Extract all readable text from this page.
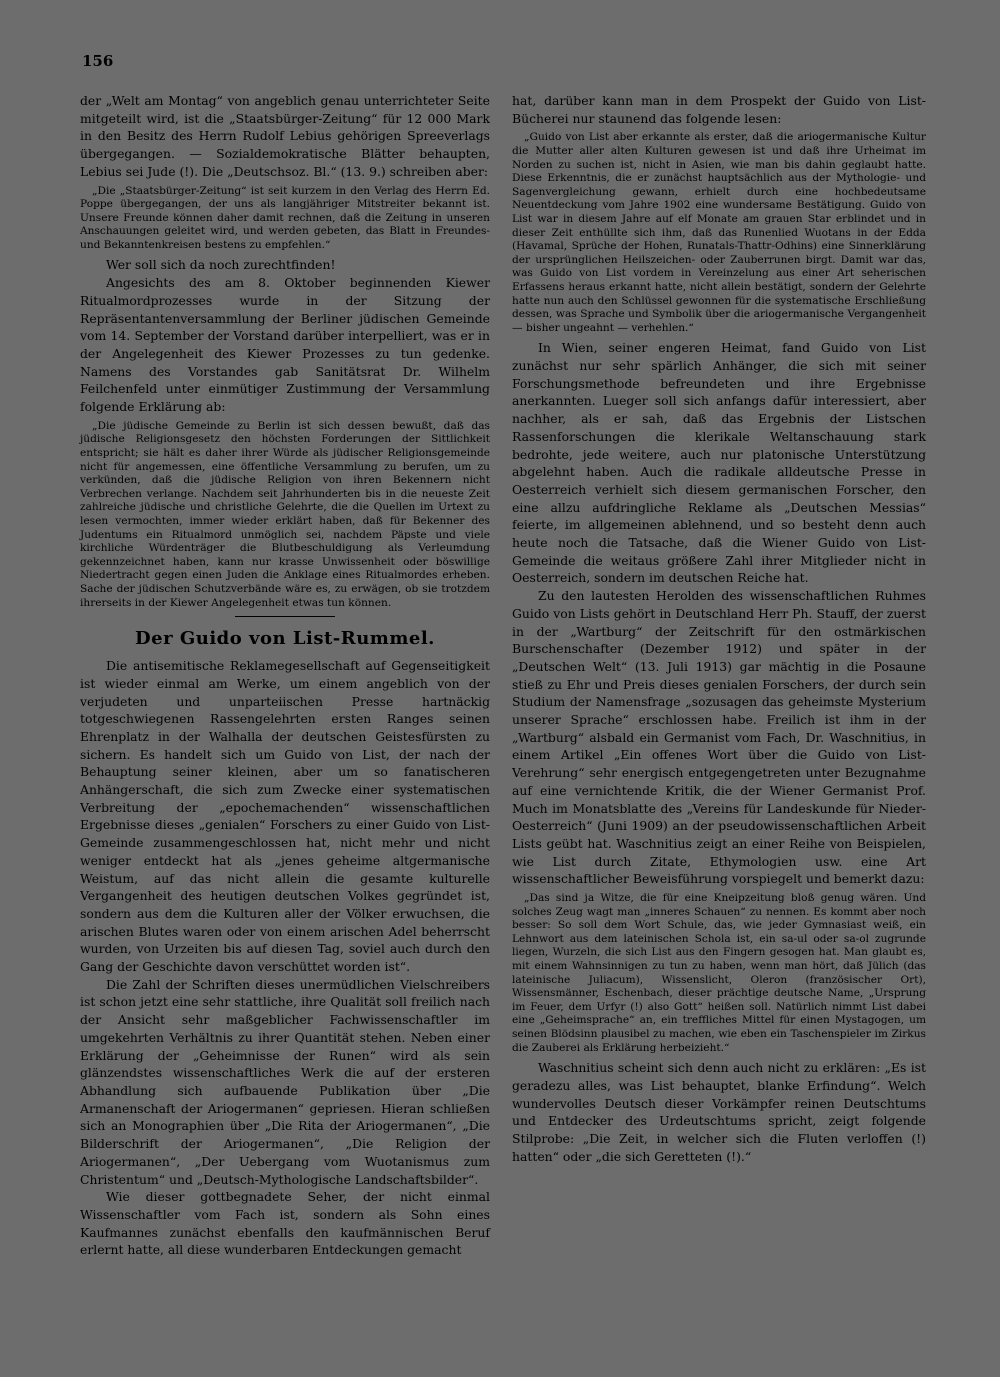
156

der „Welt am Montag“ von angeblich genau unterrichteter Seite mitgeteilt wird, ist die „Staatsbürger-Zeitung“ für 12 000 Mark in den Besitz des Herrn Rudolf Lebius gehörigen Spreeverlags übergegangen. — Sozialdemokratische Blätter behaupten, Lebius sei Jude (!). Die „Deutschsoz. Bl.“ (13. 9.) schreiben aber:

„Die „Staatsbürger-Zeitung“ ist seit kurzem in den Verlag des Herrn Ed. Poppe übergegangen, der uns als langjähriger Mitstreiter bekannt ist. Unsere Freunde können daher damit rechnen, daß die Zeitung in unseren Anschauungen geleitet wird, und werden gebeten, das Blatt in Freundes- und Bekanntenkreisen bestens zu empfehlen.“

Wer soll sich da noch zurechtfinden!

Angesichts des am 8. Oktober beginnenden Kiewer Ritualmordprozesses wurde in der Sitzung der Repräsentantenversammlung der Berliner jüdischen Gemeinde vom 14. September der Vorstand darüber interpelliert, was er in der Angelegenheit des Kiewer Prozesses zu tun gedenke. Namens des Vorstandes gab Sanitätsrat Dr. Wilhelm Feilchenfeld unter einmütiger Zustimmung der Versammlung folgende Erklärung ab:

„Die jüdische Gemeinde zu Berlin ist sich dessen bewußt, daß das jüdische Religionsgesetz den höchsten Forderungen der Sittlichkeit entspricht; sie hält es daher ihrer Würde als jüdischer Religionsgemeinde nicht für angemessen, eine öffentliche Versammlung zu berufen, um zu verkünden, daß die jüdische Religion von ihren Bekennern nicht Verbrechen verlange. Nachdem seit Jahrhunderten bis in die neueste Zeit zahlreiche jüdische und christliche Gelehrte, die die Quellen im Urtext zu lesen vermochten, immer wieder erklärt haben, daß für Bekenner des Judentums ein Ritualmord unmöglich sei, nachdem Päpste und viele kirchliche Würdenträger die Blutbeschuldigung als Verleumdung gekennzeichnet haben, kann nur krasse Unwissenheit oder böswillige Niedertracht gegen einen Juden die Anklage eines Ritualmordes erheben. Sache der jüdischen Schutzverbände wäre es, zu erwägen, ob sie trotzdem ihrerseits in der Kiewer Angelegenheit etwas tun können.

Der Guido von List-Rummel.

Die antisemitische Reklamegesellschaft auf Gegenseitigkeit ist wieder einmal am Werke, um einem angeblich von der verjudeten und unparteiischen Presse hartnäckig totgeschwiegenen Rassengelehrten ersten Ranges seinen Ehrenplatz in der Walhalla der deutschen Geistesfürsten zu sichern. Es handelt sich um Guido von List, der nach der Behauptung seiner kleinen, aber um so fanatischeren Anhängerschaft, die sich zum Zwecke einer systematischen Verbreitung der „epochemachenden“ wissenschaftlichen Ergebnisse dieses „genialen“ Forschers zu einer Guido von List-Gemeinde zusammengeschlossen hat, nicht mehr und nicht weniger entdeckt hat als „jenes geheime altgermanische Weistum, auf das nicht allein die gesamte kulturelle Vergangenheit des heutigen deutschen Volkes gegründet ist, sondern aus dem die Kulturen aller der Völker erwuchsen, die arischen Blutes waren oder von einem arischen Adel beherrscht wurden, von Urzeiten bis auf diesen Tag, soviel auch durch den Gang der Geschichte davon verschüttet worden ist“.

Die Zahl der Schriften dieses unermüdlichen Vielschreibers ist schon jetzt eine sehr stattliche, ihre Qualität soll freilich nach der Ansicht sehr maßgeblicher Fachwissenschaftler im umgekehrten Verhältnis zu ihrer Quantität stehen. Neben einer Erklärung der „Geheimnisse der Runen“ wird als sein glänzendstes wissenschaftliches Werk die auf der ersteren Abhandlung sich aufbauende Publikation über „Die Armanenschaft der Ariogermanen“ gepriesen. Hieran schließen sich an Monographien über „Die Rita der Ariogermanen“, „Die Bilderschrift der Ariogermanen“, „Die Religion der Ariogermanen“, „Der Uebergang vom Wuotanismus zum Christentum“ und „Deutsch-Mythologische Landschaftsbilder“.

Wie dieser gottbegnadete Seher, der nicht einmal Wissenschaftler vom Fach ist, sondern als Sohn eines Kaufmannes zunächst ebenfalls den kaufmännischen Beruf erlernt hatte, all diese wunderbaren Entdeckungen gemacht

hat, darüber kann man in dem Prospekt der Guido von List-Bücherei nur staunend das folgende lesen:

„Guido von List aber erkannte als erster, daß die ariogermanische Kultur die Mutter aller alten Kulturen gewesen ist und daß ihre Urheimat im Norden zu suchen ist, nicht in Asien, wie man bis dahin geglaubt hatte. Diese Erkenntnis, die er zunächst hauptsächlich aus der Mythologie- und Sagenvergleichung gewann, erhielt durch eine hochbedeutsame Neuentdeckung vom Jahre 1902 eine wundersame Bestätigung. Guido von List war in diesem Jahre auf elf Monate am grauen Star erblindet und in dieser Zeit enthüllte sich ihm, daß das Runenlied Wuotans in der Edda (Havamal, Sprüche der Hohen, Runatals-Thattr-Odhins) eine Sinnerklärung der ursprünglichen Heilszeichen- oder Zauberrunen birgt. Damit war das, was Guido von List vordem in Vereinzelung aus einer Art seherischen Erfassens heraus erkannt hatte, nicht allein bestätigt, sondern der Gelehrte hatte nun auch den Schlüssel gewonnen für die systematische Erschließung dessen, was Sprache und Symbolik über die ariogermanische Vergangenheit — bisher ungeahnt — verhehlen.“

In Wien, seiner engeren Heimat, fand Guido von List zunächst nur sehr spärlich Anhänger, die sich mit seiner Forschungsmethode befreundeten und ihre Ergebnisse anerkannten. Lueger soll sich anfangs dafür interessiert, aber nachher, als er sah, daß das Ergebnis der Listschen Rassenforschungen die klerikale Weltanschauung stark bedrohte, jede weitere, auch nur platonische Unterstützung abgelehnt haben. Auch die radikale alldeutsche Presse in Oesterreich verhielt sich diesem germanischen Forscher, den eine allzu aufdringliche Reklame als „Deutschen Messias“ feierte, im allgemeinen ablehnend, und so besteht denn auch heute noch die Tatsache, daß die Wiener Guido von List-Gemeinde die weitaus größere Zahl ihrer Mitglieder nicht in Oesterreich, sondern im deutschen Reiche hat.

Zu den lautesten Herolden des wissenschaftlichen Ruhmes Guido von Lists gehört in Deutschland Herr Ph. Stauff, der zuerst in der „Wartburg“ der Zeitschrift für den ostmärkischen Burschenschafter (Dezember 1912) und später in der „Deutschen Welt“ (13. Juli 1913) gar mächtig in die Posaune stieß zu Ehr und Preis dieses genialen Forschers, der durch sein Studium der Namensfrage „sozusagen das geheimste Mysterium unserer Sprache“ erschlossen habe. Freilich ist ihm in der „Wartburg“ alsbald ein Germanist vom Fach, Dr. Waschnitius, in einem Artikel „Ein offenes Wort über die Guido von List-Verehrung“ sehr energisch entgegengetreten unter Bezugnahme auf eine vernichtende Kritik, die der Wiener Germanist Prof. Much im Monatsblatte des „Vereins für Landeskunde für Nieder-Oesterreich“ (Juni 1909) an der pseudowissenschaftlichen Arbeit Lists geübt hat. Waschnitius zeigt an einer Reihe von Beispielen, wie List durch Zitate, Ethymologien usw. eine Art wissenschaftlicher Beweisführung vorspiegelt und bemerkt dazu:

„Das sind ja Witze, die für eine Kneipzeitung bloß genug wären. Und solches Zeug wagt man „inneres Schauen“ zu nennen. Es kommt aber noch besser: So soll dem Wort Schule, das, wie jeder Gymnasiast weiß, ein Lehnwort aus dem lateinischen Schola ist, ein sa-ul oder sa-ol zugrunde liegen, Wurzeln, die sich List aus den Fingern gesogen hat. Man glaubt es, mit einem Wahnsinnigen zu tun zu haben, wenn man hört, daß Jülich (das lateinische Juliacum), Wissenslicht, Oleron (französischer Ort), Wissensmänner, Eschenbach, dieser prächtige deutsche Name, „Ursprung im Feuer, dem Urfyr (!) also Gott“ heißen soll. Natürlich nimmt List dabei eine „Geheimsprache“ an, ein treffliches Mittel für einen Mystagogen, um seinen Blödsinn plausibel zu machen, wie eben ein Taschenspieler im Zirkus die Zauberei als Erklärung herbeizieht.“

Waschnitius scheint sich denn auch nicht zu erklären: „Es ist geradezu alles, was List behauptet, blanke Erfindung“. Welch wundervolles Deutsch dieser Vorkämpfer reinen Deutschtums und Entdecker des Urdeutschtums spricht, zeigt folgende Stilprobe: „Die Zeit, in welcher sich die Fluten verloffen (!) hatten“ oder „die sich Geretteten (!).“
